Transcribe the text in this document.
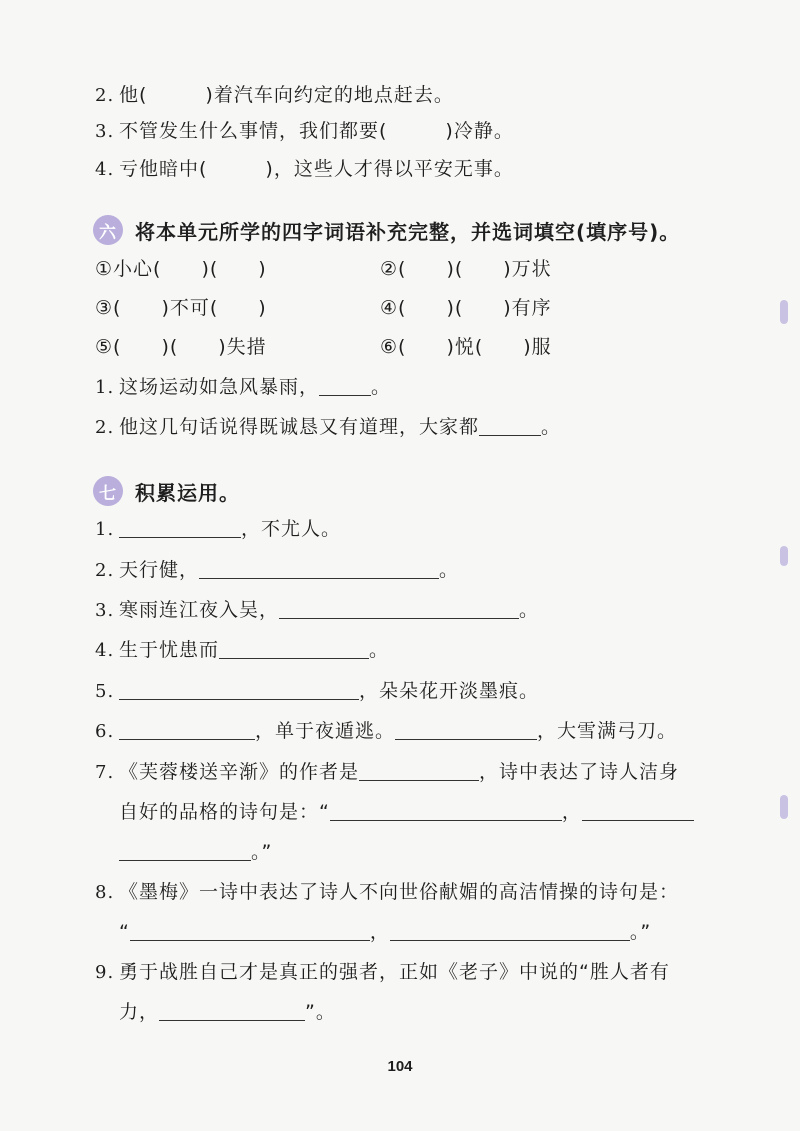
2. 他(	)着汽车向约定的地点赶去。
3. 不管发生什么事情，我们都要(	)冷静。
4. 亏他暗中(	)，这些人才得以平安无事。
六 将本单元所学的四字词语补充完整，并选词填空(填序号)。
①小心(　　)(　　)	②(　　)(　　)万状
③(　　)不可(　　)	④(　　)(　　)有序
⑤(　　)(　　)失措	⑥(　　)悦(　　)服
1. 这场运动如急风暴雨，	。
2. 他这几句话说得既诚恳又有道理，大家都	。
七 积累运用。
1.	，不尤人。
2. 天行健，	。
3. 寒雨连江夜入吴，	。
4. 生于忧患而	。
5.	，朵朵花开淡墨痕。
6.	，单于夜遁逃。	，大雪满弓刀。
7. 《芙蓉楼送辛渐》的作者是	，诗中表达了诗人洁身
自好的品格的诗句是：“	，
。”
8. 《墨梅》一诗中表达了诗人不向世俗献媚的高洁情操的诗句是：
“	，	。”
9. 勇于战胜自己才是真正的强者，正如《老子》中说的“胜人者有
力，	”。
104
